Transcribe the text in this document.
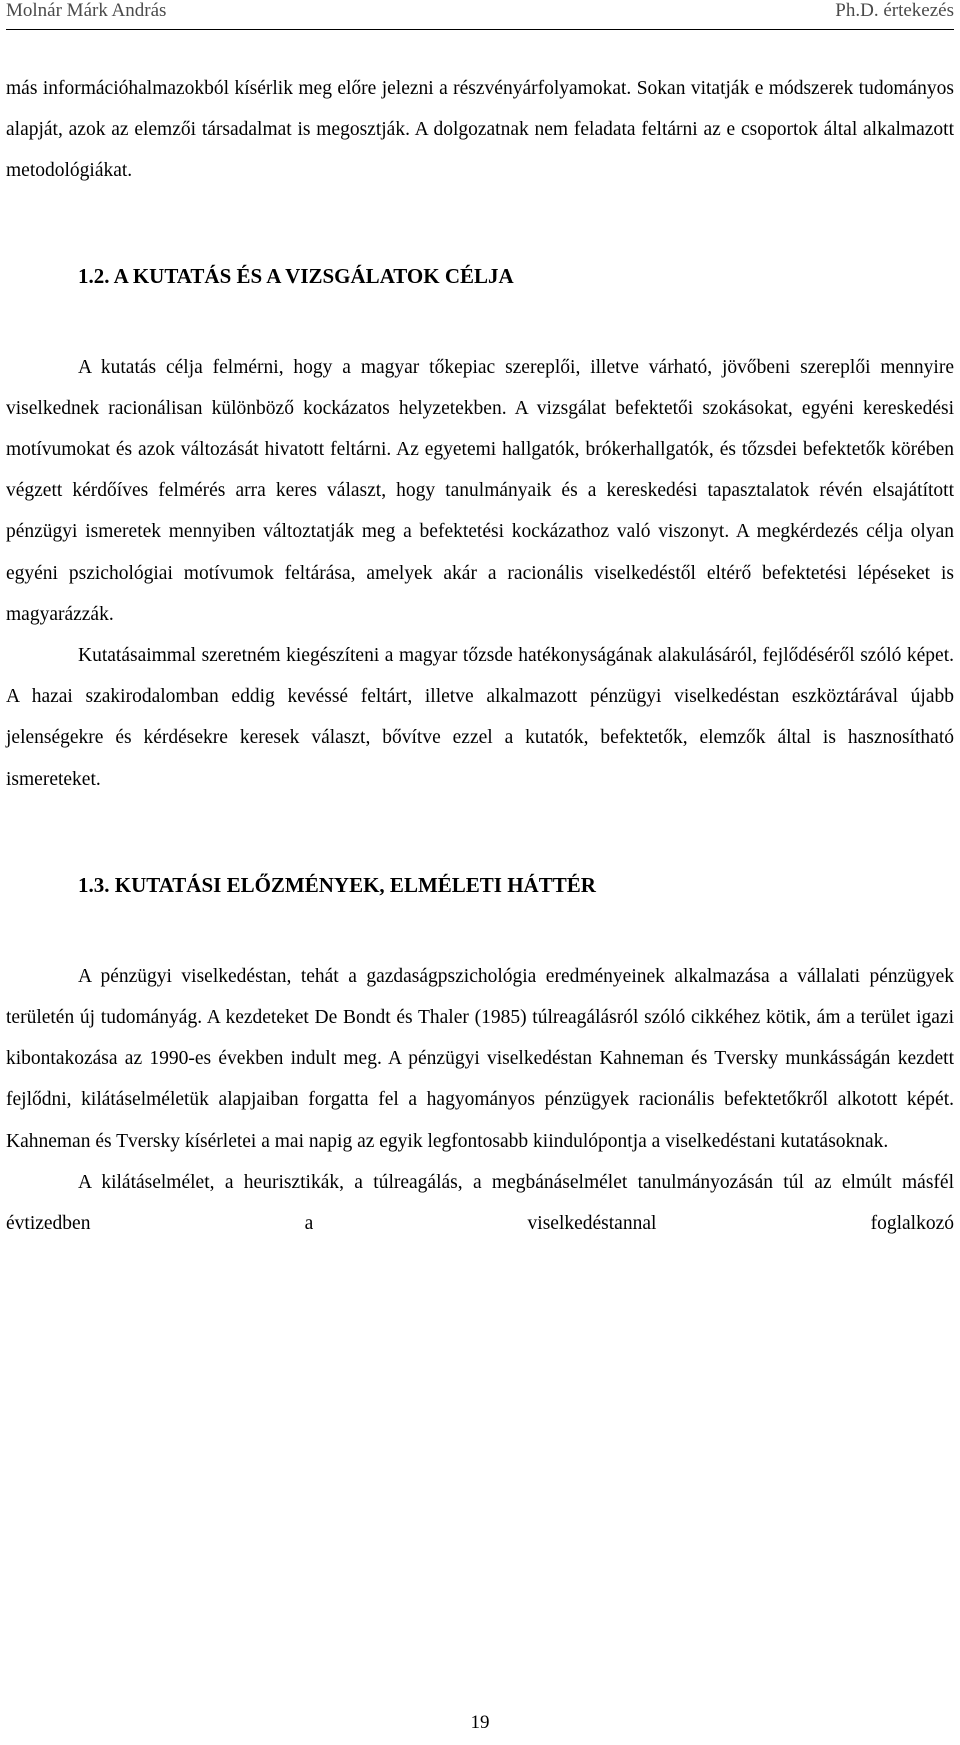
Molnár Márk András	Ph.D. értekezés

más információhalmazokból kísérlik meg előre jelezni a részvényárfolyamokat. Sokan vitatják e módszerek tudományos alapját, azok az elemzői társadalmat is megosztják. A dolgozatnak nem feladata feltárni az e csoportok által alkalmazott metodológiákat.

1.2. A KUTATÁS ÉS A VIZSGÁLATOK CÉLJA

A kutatás célja felmérni, hogy a magyar tőkepiac szereplői, illetve várható, jövőbeni szereplői mennyire viselkednek racionálisan különböző kockázatos helyzetekben. A vizsgálat befektetői szokásokat, egyéni kereskedési motívumokat és azok változását hivatott feltárni. Az egyetemi hallgatók, brókerhallgatók, és tőzsdei befektetők körében végzett kérdőíves felmérés arra keres választ, hogy tanulmányaik és a kereskedési tapasztalatok révén elsajátított pénzügyi ismeretek mennyiben változtatják meg a befektetési kockázathoz való viszonyt. A megkérdezés célja olyan egyéni pszichológiai motívumok feltárása, amelyek akár a racionális viselkedéstől eltérő befektetési lépéseket is magyarázzák.

Kutatásaimmal szeretném kiegészíteni a magyar tőzsde hatékonyságának alakulásáról, fejlődéséről szóló képet. A hazai szakirodalomban eddig kevéssé feltárt, illetve alkalmazott pénzügyi viselkedéstan eszköztárával újabb jelenségekre és kérdésekre keresek választ, bővítve ezzel a kutatók, befektetők, elemzők által is hasznosítható ismereteket.

1.3. KUTATÁSI ELŐZMÉNYEK, ELMÉLETI HÁTTÉR

A pénzügyi viselkedéstan, tehát a gazdaságpszichológia eredményeinek alkalmazása a vállalati pénzügyek területén új tudományág. A kezdeteket De Bondt és Thaler (1985) túlreagálásról szóló cikkéhez kötik, ám a terület igazi kibontakozása az 1990-es években indult meg. A pénzügyi viselkedéstan Kahneman és Tversky munkásságán kezdett fejlődni, kilátáselméletük alapjaiban forgatta fel a hagyományos pénzügyek racionális befektetőkről alkotott képét. Kahneman és Tversky kísérletei a mai napig az egyik legfontosabb kiindulópontja a viselkedéstani kutatásoknak.

A kilátáselmélet, a heurisztikák, a túlreagálás, a megbánáselmélet tanulmányozásán túl az elmúlt másfél évtizedben a viselkedéstannal foglalkozó

19
